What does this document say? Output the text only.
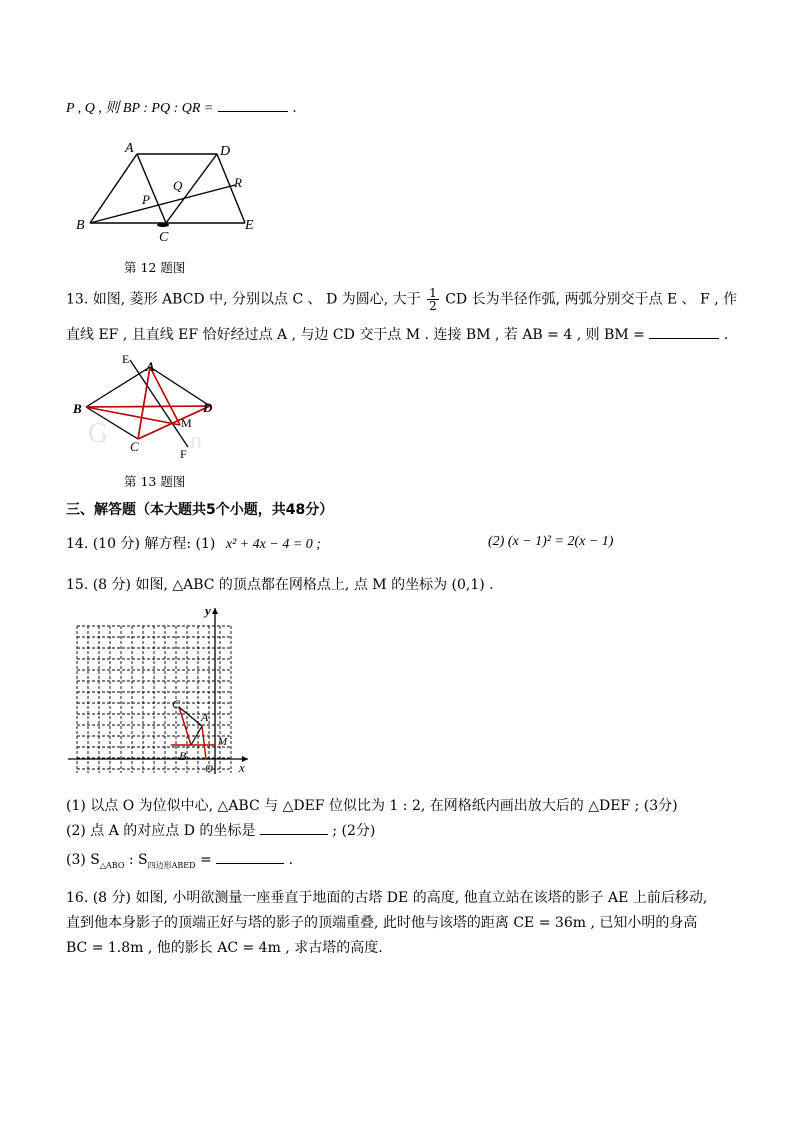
P , Q , 则 BP : PQ : QR =	.
A	D
Q	R
P
B
C
E
第 12 题图
13. 如图, 菱形 ABCD 中, 分别以点 C 、 D 为圆心, 大于 $\frac{1}{2}$ CD 长为半径作弧, 两弧分别交于点 E 、 F , 作
直线 EF , 且直线 EF 恰好经过点 A , 与边 CD 交于点 M . 连接 BM , 若 AB = 4 , 则 BM =	.
G	n
E A
B	D
M
C	F
第 13 题图
三、解答题（本大题共5个小题，共48分）
14. (10 分) 解方程: (1) x² + 4x − 4 = 0 ;	(2) (x − 1)² = 2(x − 1)
15. (8 分) 如图, △ABC 的顶点都在网格点上, 点 M 的坐标为 (0,1) .
C
A
M
B
O
y
x
(1) 以点 O 为位似中心, △ABC 与 △DEF 位似比为 1 : 2, 在网格纸内画出放大后的 △DEF ; (3分)
(2) 点 A 的对应点 D 的坐标是	; (2分)
(3) $S_{\triangle ABO}$ : $S_{四边形ABED}$ =	.
16. (8 分) 如图, 小明欲测量一座垂直于地面的古塔 DE 的高度, 他直立站在该塔的影子 AE 上前后移动,
直到他本身影子的顶端正好与塔的影子的顶端重叠, 此时他与该塔的距离 CE = 36m , 已知小明的身高
BC = 1.8m , 他的影长 AC = 4m , 求古塔的高度.
